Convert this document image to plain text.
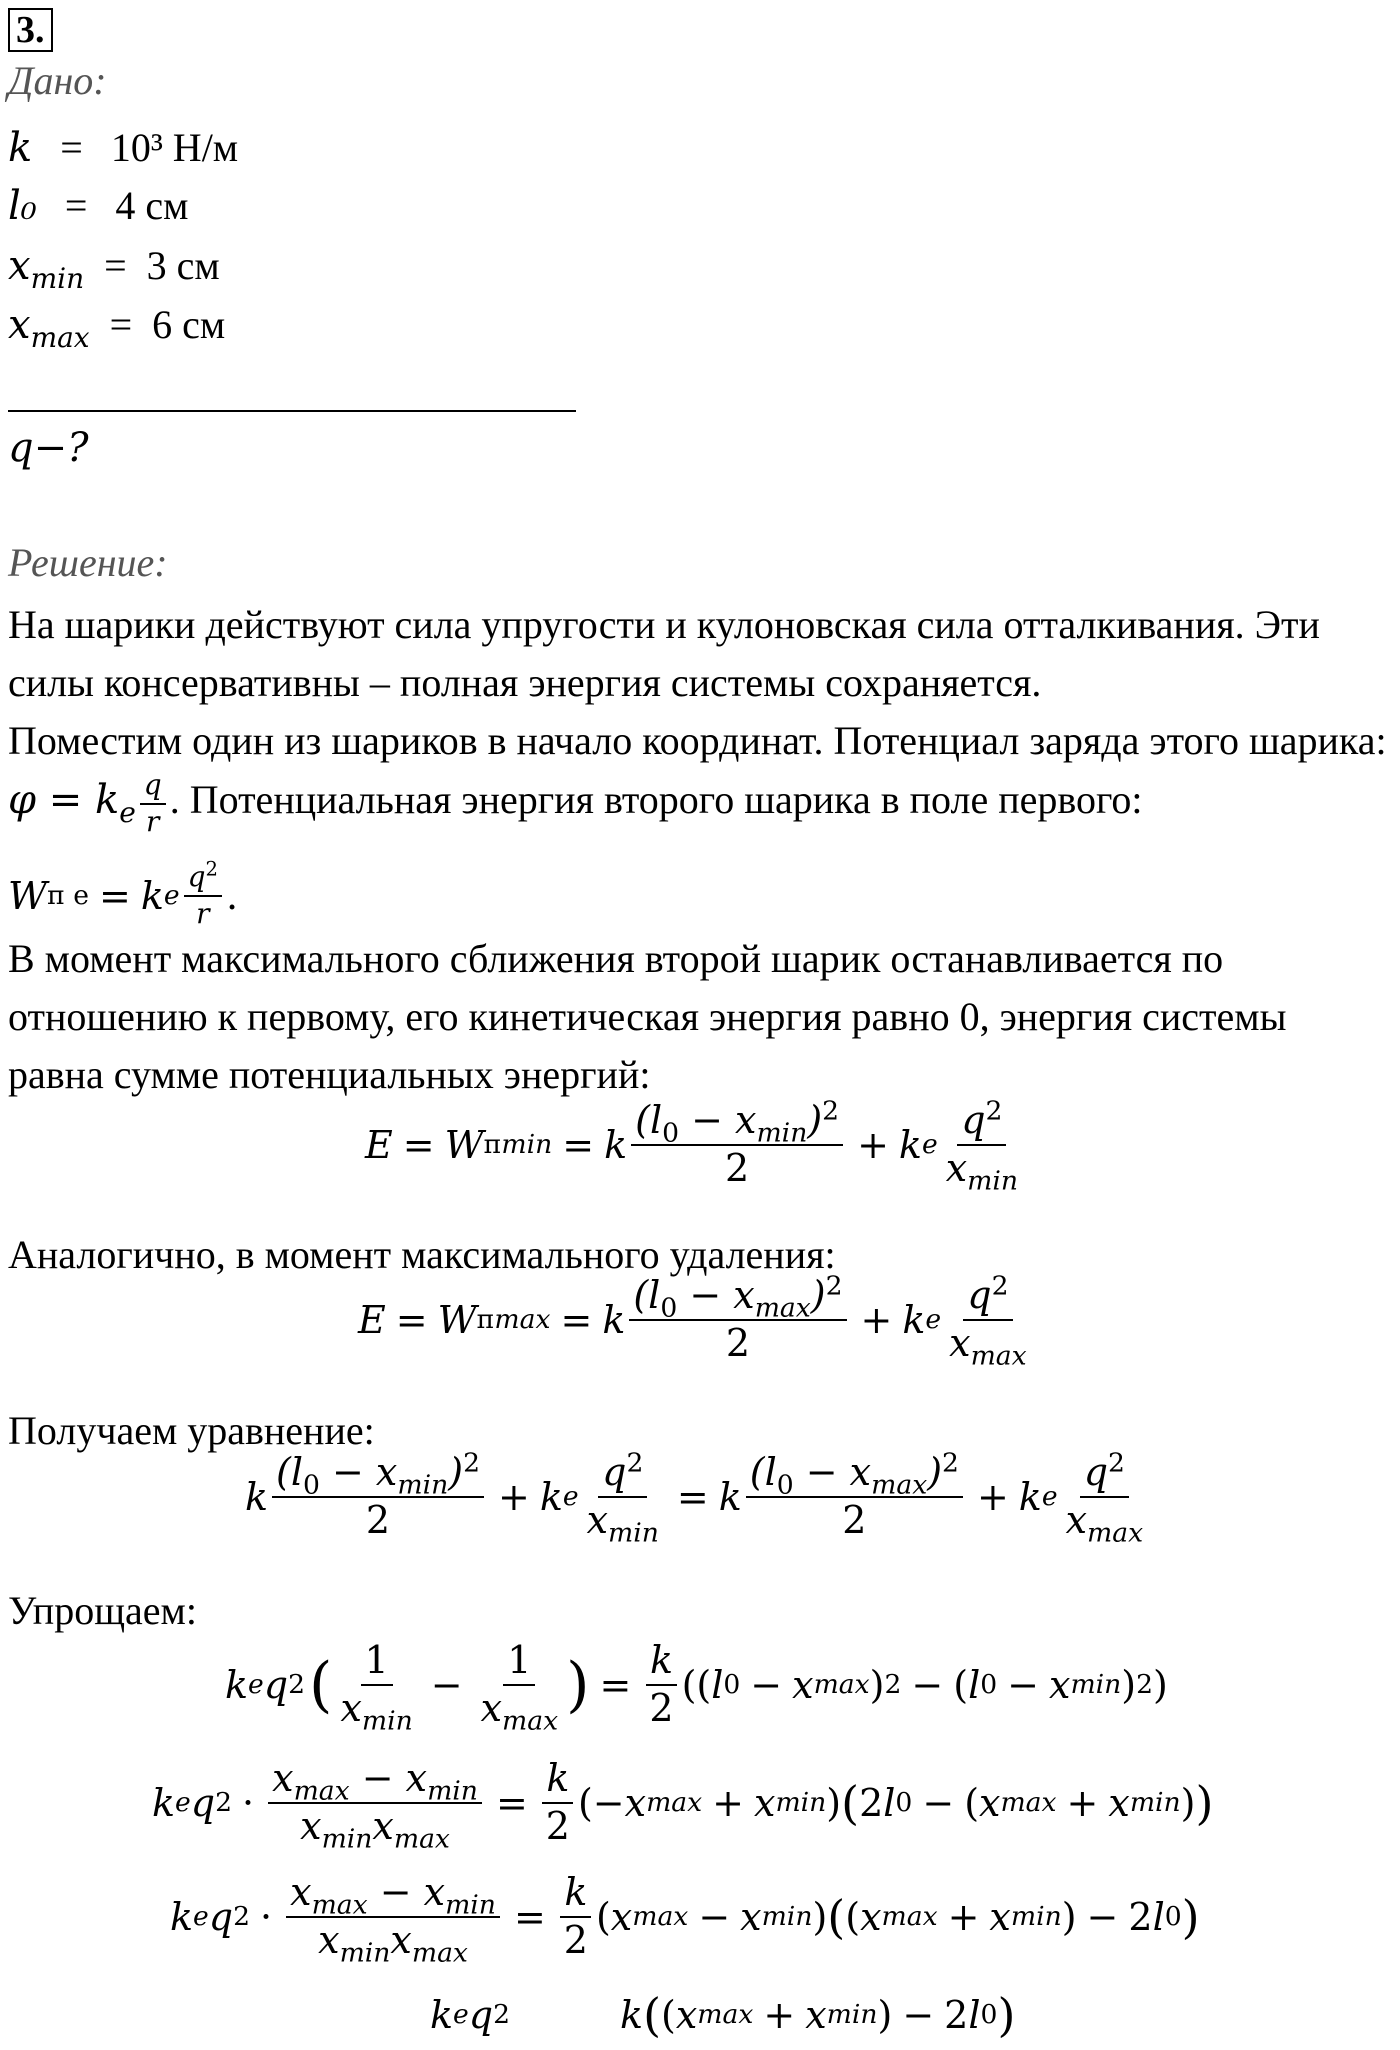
3.
Дано:
k = 10³ Н/м
l₀ = 4 см
$x_{min} = 3$ см
$x_{max} = 6$ см
q−?
Решение:
На шарики действуют сила упругости и кулоновская сила отталкивания. Эти силы консервативны – полная энергия системы сохраняется.
Поместим один из шариков в начало координат. Потенциал заряда этого шарика: $\varphi = k_e \frac{q}{r}$ . Потенциальная энергия второго шарика в поле первого:
W п e = k e $\frac{q^2}{r}$ .
В момент максимального сближения второй шарик останавливается по отношению к первому, его кинетическая энергия равно 0, энергия системы равна сумме потенциальных энергий:
E = W п min = k $\frac{(l_0 - x_{min})^2}{2} + k$ e $\frac{q^2}{x_{min}}$
Аналогично, в момент максимального удаления:
E = W п max = k $\frac{(l_0 - x_{max})^2}{2} + k$ e $\frac{q^2}{x_{max}}$
Получаем уравнение:
k $\frac{(l_0 - x_{min})^2}{2} + k$ e $\frac{q^2}{x_{min}} = k \frac{(l_0 - x_{max})^2}{2} + k$ e $\frac{q^2}{x_{max}}$
Упрощаем:
k e q 2 ( $\frac{1}{x_{min}} - \frac{1}{x_{max}}$ ) = $\frac{k}{2}$ (( l 0 − x max ) 2 − ( l 0 − x min ) 2 )
k e q $2 \cdot \frac{x_{max} - x_{min}}{x_{min}x_{max}} = \frac{k}{2}$ ( −x max + x min ) ( 2 l 0 − ( x max + x min ) )
k e q $2 \cdot \frac{x_{max} - x_{min}}{x_{min}x_{max}} = \frac{k}{2}$ ( x max − x min ) ( ( x max + x min ) − 2 l 0 )
k e q 2	k ( ( x max + x min ) − 2 l 0 )
